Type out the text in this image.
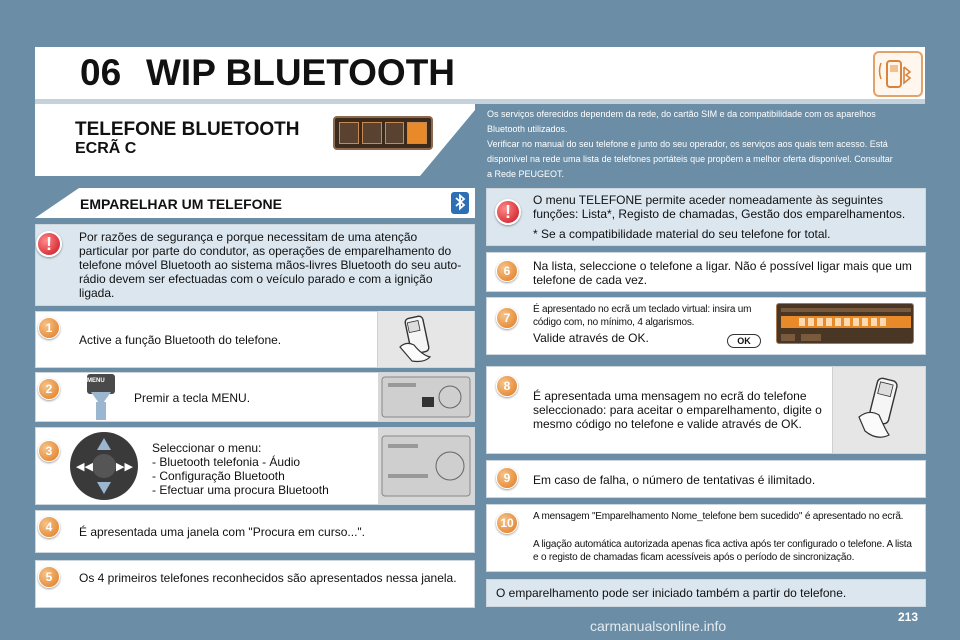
06 WIP BLUETOOTH
TELEFONE BLUETOOTH
ECRÃ C
Os serviços oferecidos dependem da rede, do cartão SIM e da compatibilidade com os aparelhos
Bluetooth utilizados.
Verificar no manual do seu telefone e junto do seu operador, os serviços aos quais tem acesso. Está
disponível na rede uma lista de telefones portáteis que propõem a melhor oferta disponível. Consultar
a Rede PEUGEOT.
EMPARELHAR UM TELEFONE
!	Por razões de segurança e porque necessitam de uma atenção particular por parte do condutor, as operações de emparelhamento do telefone móvel Bluetooth ao sistema mãos-livres Bluetooth do seu auto-rádio devem ser efectuadas com o veículo parado e com a ignição ligada.
1
Active a função Bluetooth do telefone.
2
MENU
Premir a tecla MENU.
3
◀◀ ▶▶
Seleccionar o menu:
- Bluetooth telefonia - Áudio
- Configuração Bluetooth
- Efectuar uma procura Bluetooth
4	É apresentada uma janela com "Procura em curso...".
5	Os 4 primeiros telefones reconhecidos são apresentados nessa janela.
!
O menu TELEFONE permite aceder nomeadamente às seguintes funções: Lista*, Registo de chamadas, Gestão dos emparelhamentos.
* Se a compatibilidade material do seu telefone for total.
6	Na lista, seleccione o telefone a ligar. Não é possível ligar mais que um telefone de cada vez.
7
É apresentado no ecrã um teclado virtual: insira um código com, no mínimo, 4 algarismos.
Valide através de OK.	OK
8
É apresentada uma mensagem no ecrã do telefone seleccionado: para aceitar o emparelhamento, digite o mesmo código no telefone e valide através de OK.
9	Em caso de falha, o número de tentativas é ilimitado.
10	A mensagem "Emparelhamento Nome_telefone bem sucedido" é apresentado no ecrã.
A ligação automática autorizada apenas fica activa após ter configurado o telefone. A lista e o registo de chamadas ficam acessíveis após o período de sincronização.
O emparelhamento pode ser iniciado também a partir do telefone.
carmanualsonline.info
213
